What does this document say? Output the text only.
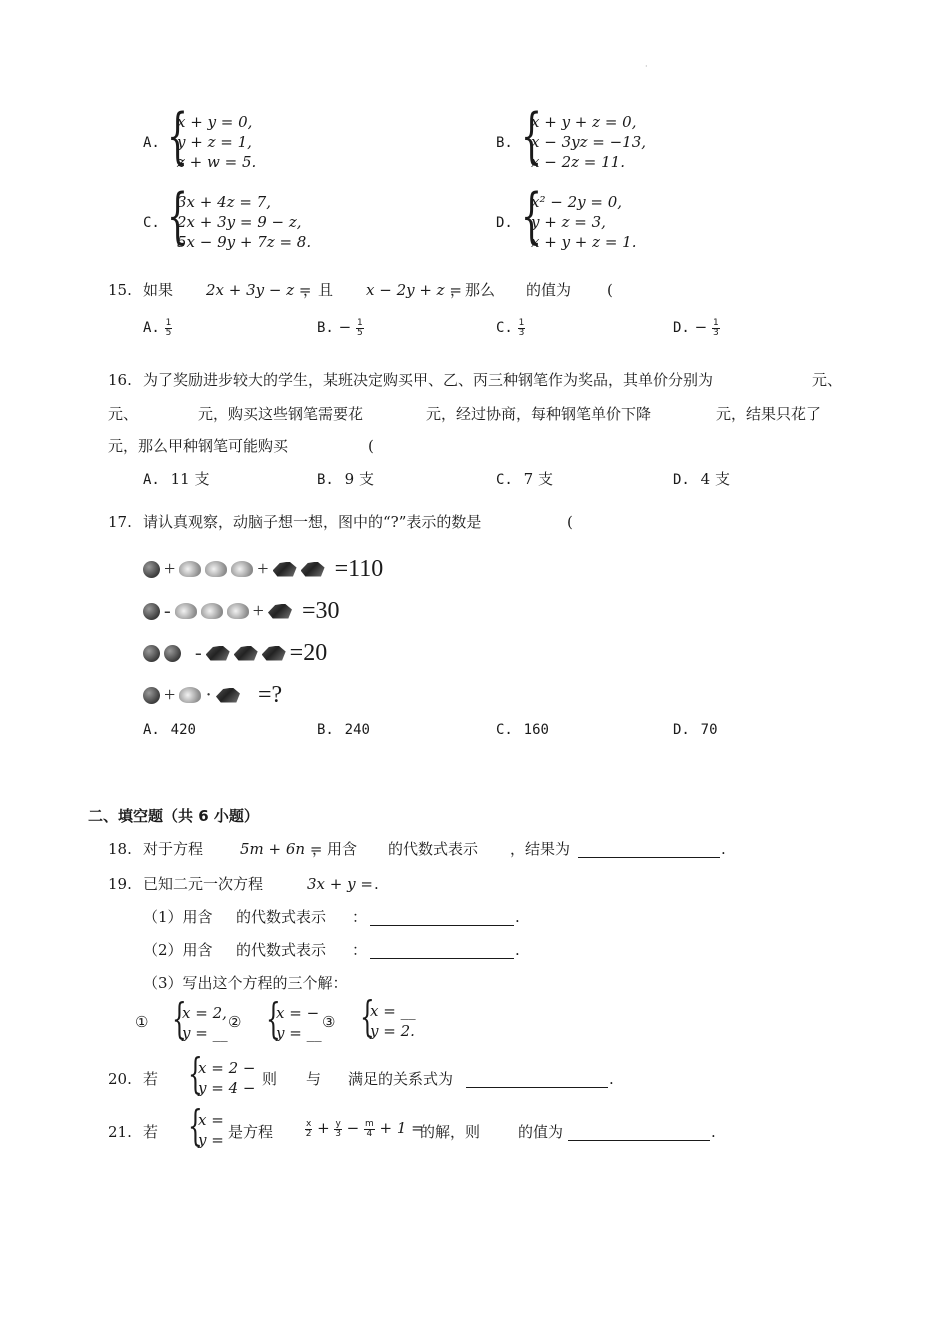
·
A. {
x + y = 0,
y + z = 1,
z + w = 5.
B. {
x + y + z = 0,
x − 3yz = −13,
x − 2z = 11.
C. {
3x + 4z = 7,
2x + 3y = 9 − z,
5x − 9y + 7z = 8.
D. {
x² − 2y = 0,
y + z = 3,
x + y + z = 1.
15. 如果 2x + 3y − z =
，且 x − 2y + z =
，那么 的值为 (
A. $\frac{1}{5}$	B. − $\frac{1}{5}$	C. $\frac{1}{3}$	D. − $\frac{1}{3}$
16. 为了奖励进步较大的学生，某班决定购买甲、乙、丙三种钢笔作为奖品，其单价分别为	元、
元、	元，购买这些钢笔需要花	元，经过协商，每种钢笔单价下降	元，结果只花了
元，那么甲种钢笔可能购买	(
A. 11 支	B. 9 支	C. 7 支	D. 4 支
17. 请认真观察，动脑子想一想，图中的“?”表示的数是	(
+	+	=110
-	+ =30
-	=20
+ · =?
A. 420	B. 240	C. 160	D. 70
二、填空题（共 6 小题）
18. 对于方程 5m + 6n =
，用含 的代数式表示 ，结果为	.
19. 已知二元一次方程	3x + y = .
（1）用含 的代数式表示 ：	.
（2）用含 的代数式表示 ：	.
（3）写出这个方程的三个解：
① {
x = 2,
y = __
② {
x = −
y = __
③ {
x = __
y = 2.
20. 若 {
x = 2 −
y = 4 − 则 与 满足的关系式为	.
21. 若 {
x =
y = 是方程	$\frac{x}{2} + \frac{y}{3} - \frac{m}{4} + 1$ =
的解，则	的值为	.
